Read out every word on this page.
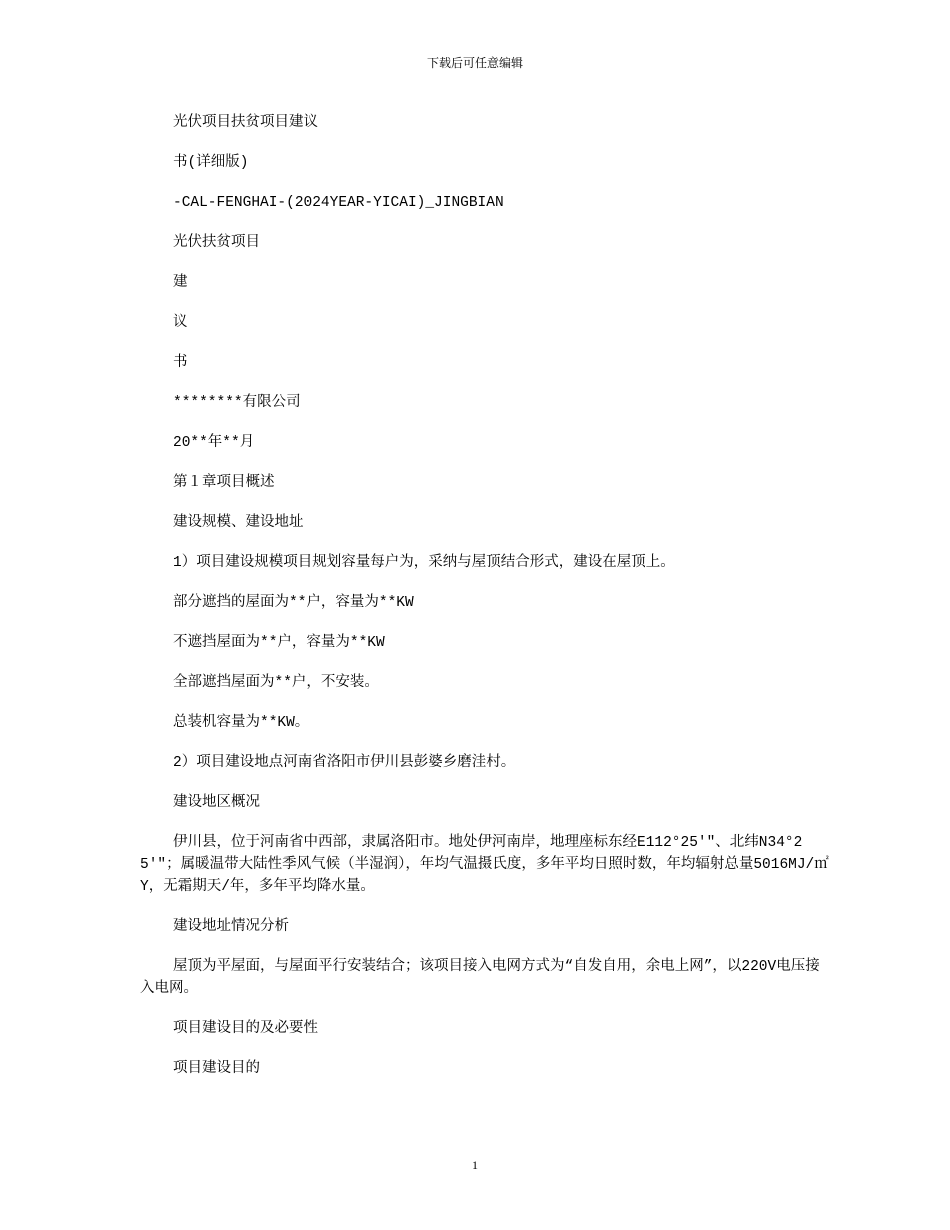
下载后可任意编辑

光伏项目扶贫项目建议

书(详细版)

-CAL-FENGHAI-(2024YEAR-YICAI)_JINGBIAN

光伏扶贫项目

建

议

书

********有限公司

20**年**月

第１章项目概述

建设规模、建设地址

1）项目建设规模项目规划容量每户为，采纳与屋顶结合形式，建设在屋顶上。

部分遮挡的屋面为**户，容量为**KW

不遮挡屋面为**户，容量为**KW

全部遮挡屋面为**户，不安装。

总装机容量为**KW。

2）项目建设地点河南省洛阳市伊川县彭婆乡磨洼村。

建设地区概况

伊川县，位于河南省中西部，隶属洛阳市。地处伊河南岸，地理座标东经E112°25'"、北纬N34°25'"；属暖温带大陆性季风气候（半湿润），年均气温摄氏度，多年平均日照时数，年均辐射总量5016MJ/㎡Y，无霜期天/年，多年平均降水量。

建设地址情况分析

屋顶为平屋面，与屋面平行安装结合；该项目接入电网方式为“自发自用，余电上网”，以220V电压接入电网。

项目建设目的及必要性

项目建设目的

1
